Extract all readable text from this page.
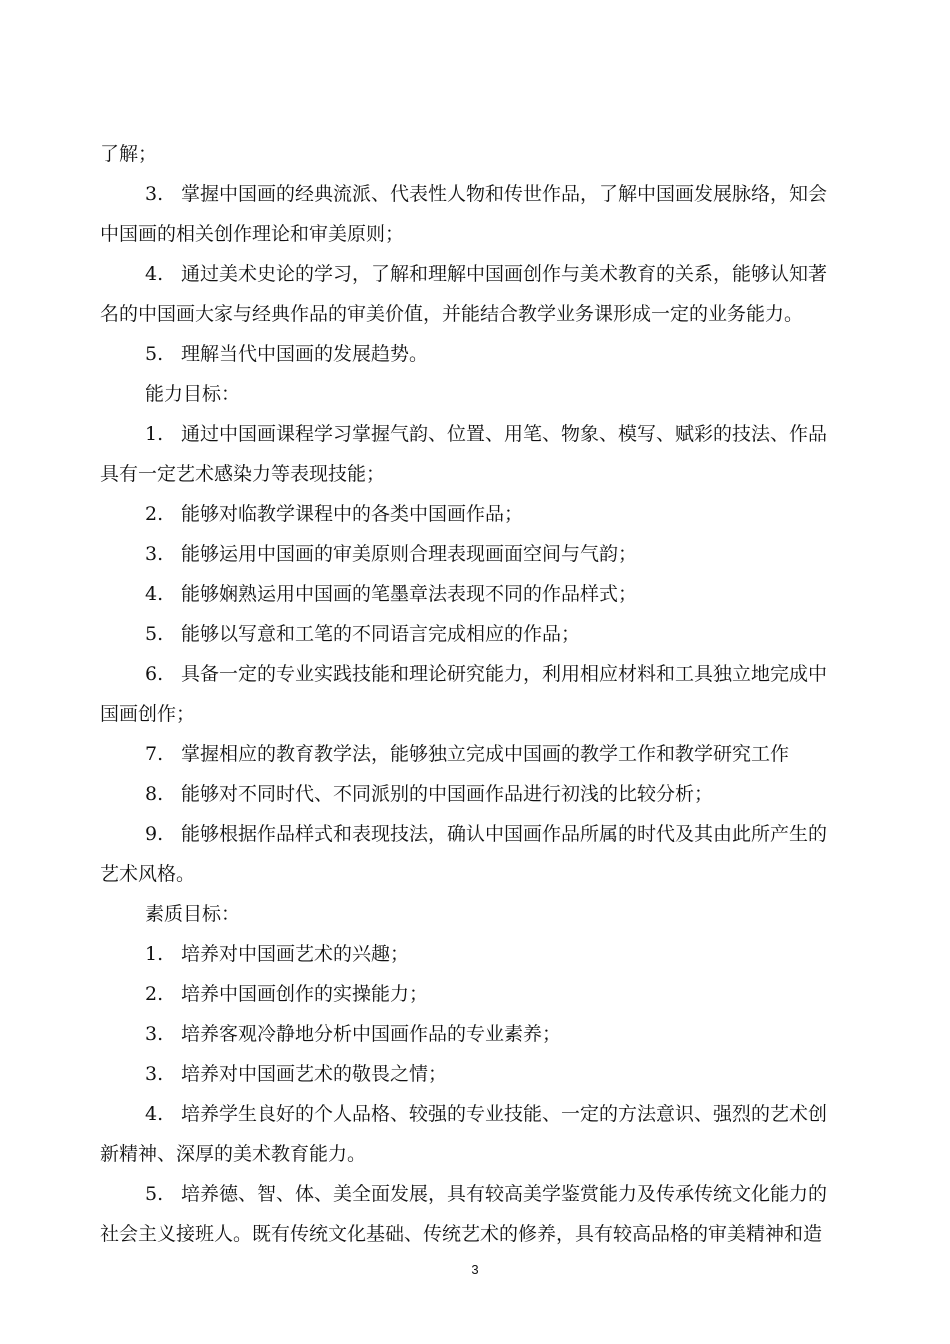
了解；
3. 掌握中国画的经典流派、代表性人物和传世作品，了解中国画发展脉络，知会
中国画的相关创作理论和审美原则；
4. 通过美术史论的学习，了解和理解中国画创作与美术教育的关系，能够认知著
名的中国画大家与经典作品的审美价值，并能结合教学业务课形成一定的业务能力。
5. 理解当代中国画的发展趋势。
能力目标：
1. 通过中国画课程学习掌握气韵、位置、用笔、物象、模写、赋彩的技法、作品
具有一定艺术感染力等表现技能；
2. 能够对临教学课程中的各类中国画作品；
3. 能够运用中国画的审美原则合理表现画面空间与气韵；
4. 能够娴熟运用中国画的笔墨章法表现不同的作品样式；
5. 能够以写意和工笔的不同语言完成相应的作品；
6. 具备一定的专业实践技能和理论研究能力，利用相应材料和工具独立地完成中
国画创作；
7. 掌握相应的教育教学法，能够独立完成中国画的教学工作和教学研究工作
8. 能够对不同时代、不同派别的中国画作品进行初浅的比较分析；
9. 能够根据作品样式和表现技法，确认中国画作品所属的时代及其由此所产生的
艺术风格。
素质目标：
1. 培养对中国画艺术的兴趣；
2. 培养中国画创作的实操能力；
3. 培养客观冷静地分析中国画作品的专业素养；
3. 培养对中国画艺术的敬畏之情；
4. 培养学生良好的个人品格、较强的专业技能、一定的方法意识、强烈的艺术创
新精神、深厚的美术教育能力。
5. 培养德、智、体、美全面发展，具有较高美学鉴赏能力及传承传统文化能力的
社会主义接班人。既有传统文化基础、传统艺术的修养，具有较高品格的审美精神和造
3
